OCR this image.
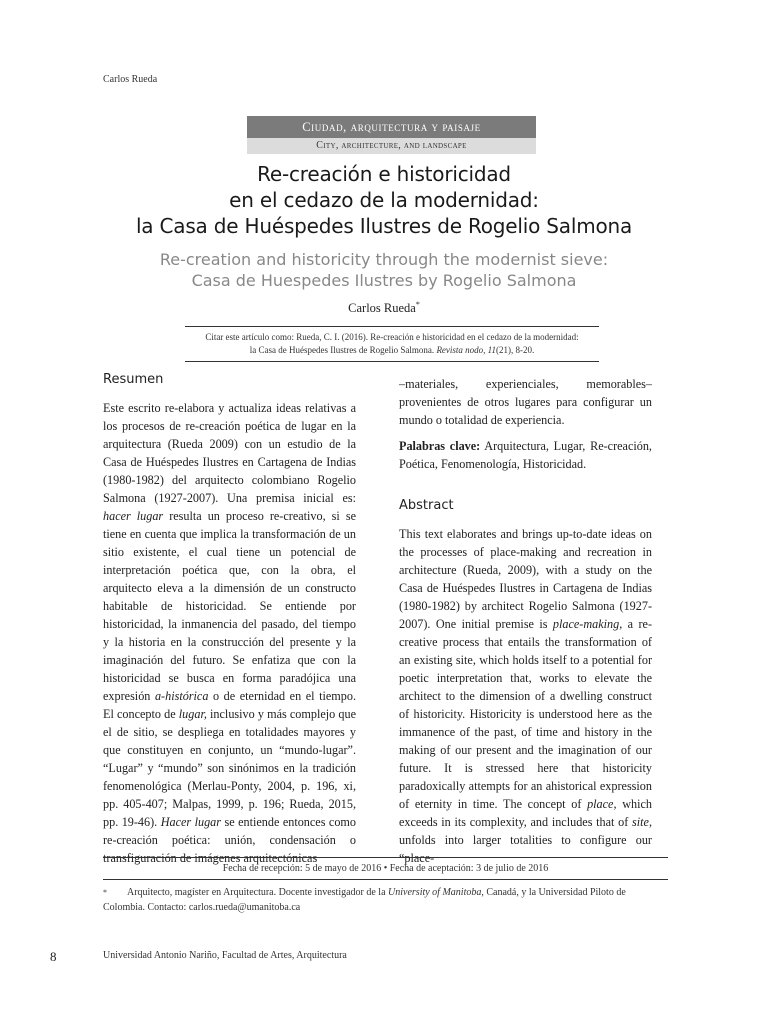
Carlos Rueda
Ciudad, arquitectura y paisaje
City, architecture, and landscape
Re-creación e historicidad
en el cedazo de la modernidad:
la Casa de Huéspedes Ilustres de Rogelio Salmona
Re-creation and historicity through the modernist sieve:
Casa de Huespedes Ilustres by Rogelio Salmona
Carlos Rueda*
Citar este artículo como: Rueda, C. I. (2016). Re-creación e historicidad en el cedazo de la modernidad:
la Casa de Huéspedes Ilustres de Rogelio Salmona. Revista nodo, 11(21), 8-20.
Resumen
Este escrito re-elabora y actualiza ideas relativas a los procesos de re-creación poética de lugar en la arquitectura (Rueda 2009) con un estudio de la Casa de Huéspedes Ilustres en Cartagena de Indias (1980-1982) del arquitecto colombiano Rogelio Salmona (1927-2007). Una premisa inicial es: hacer lugar resulta un proceso re-creativo, si se tiene en cuenta que implica la transformación de un sitio existente, el cual tiene un potencial de interpretación poética que, con la obra, el arquitecto eleva a la dimensión de un constructo habitable de historicidad. Se entiende por historicidad, la inmanencia del pasado, del tiempo y la historia en la construcción del presente y la imaginación del futuro. Se enfatiza que con la historicidad se busca en forma paradójica una expresión a-histórica o de eternidad en el tiempo. El concepto de lugar, inclusivo y más complejo que el de sitio, se despliega en totalidades mayores y que constituyen en conjunto, un “mundo-lugar”. “Lugar” y “mundo” son sinónimos en la tradición fenomenológica (Merlau-Ponty, 2004, p. 196, xi, pp. 405-407; Malpas, 1999, p. 196; Rueda, 2015, pp. 19-46). Hacer lugar se entiende entonces como re-creación poética: unión, condensación o transfiguración de imágenes arquitectónicas
–materiales, experienciales, memorables– provenientes de otros lugares para configurar un mundo o totalidad de experiencia.
Palabras clave: Arquitectura, Lugar, Re-creación, Poética, Fenomenología, Historicidad.
Abstract
This text elaborates and brings up-to-date ideas on the processes of place-making and recreation in architecture (Rueda, 2009), with a study on the Casa de Huéspedes Ilustres in Cartagena de Indias (1980-1982) by architect Rogelio Salmona (1927-2007). One initial premise is place-making, a re-creative process that entails the transformation of an existing site, which holds itself to a potential for poetic interpretation that, works to elevate the architect to the dimension of a dwelling construct of historicity. Historicity is understood here as the immanence of the past, of time and history in the making of our present and the imagination of our future. It is stressed here that historicity paradoxically attempts for an ahistorical expression of eternity in time. The concept of place, which exceeds in its complexity, and includes that of site, unfolds into larger totalities to configure our “place-
Fecha de recepción: 5 de mayo de 2016 • Fecha de aceptación: 3 de julio de 2016
* Arquitecto, magíster en Arquitectura. Docente investigador de la University of Manitoba, Canadá, y la Universidad Piloto de Colombia. Contacto: carlos.rueda@umanitoba.ca
8	Universidad Antonio Nariño, Facultad de Artes, Arquitectura
